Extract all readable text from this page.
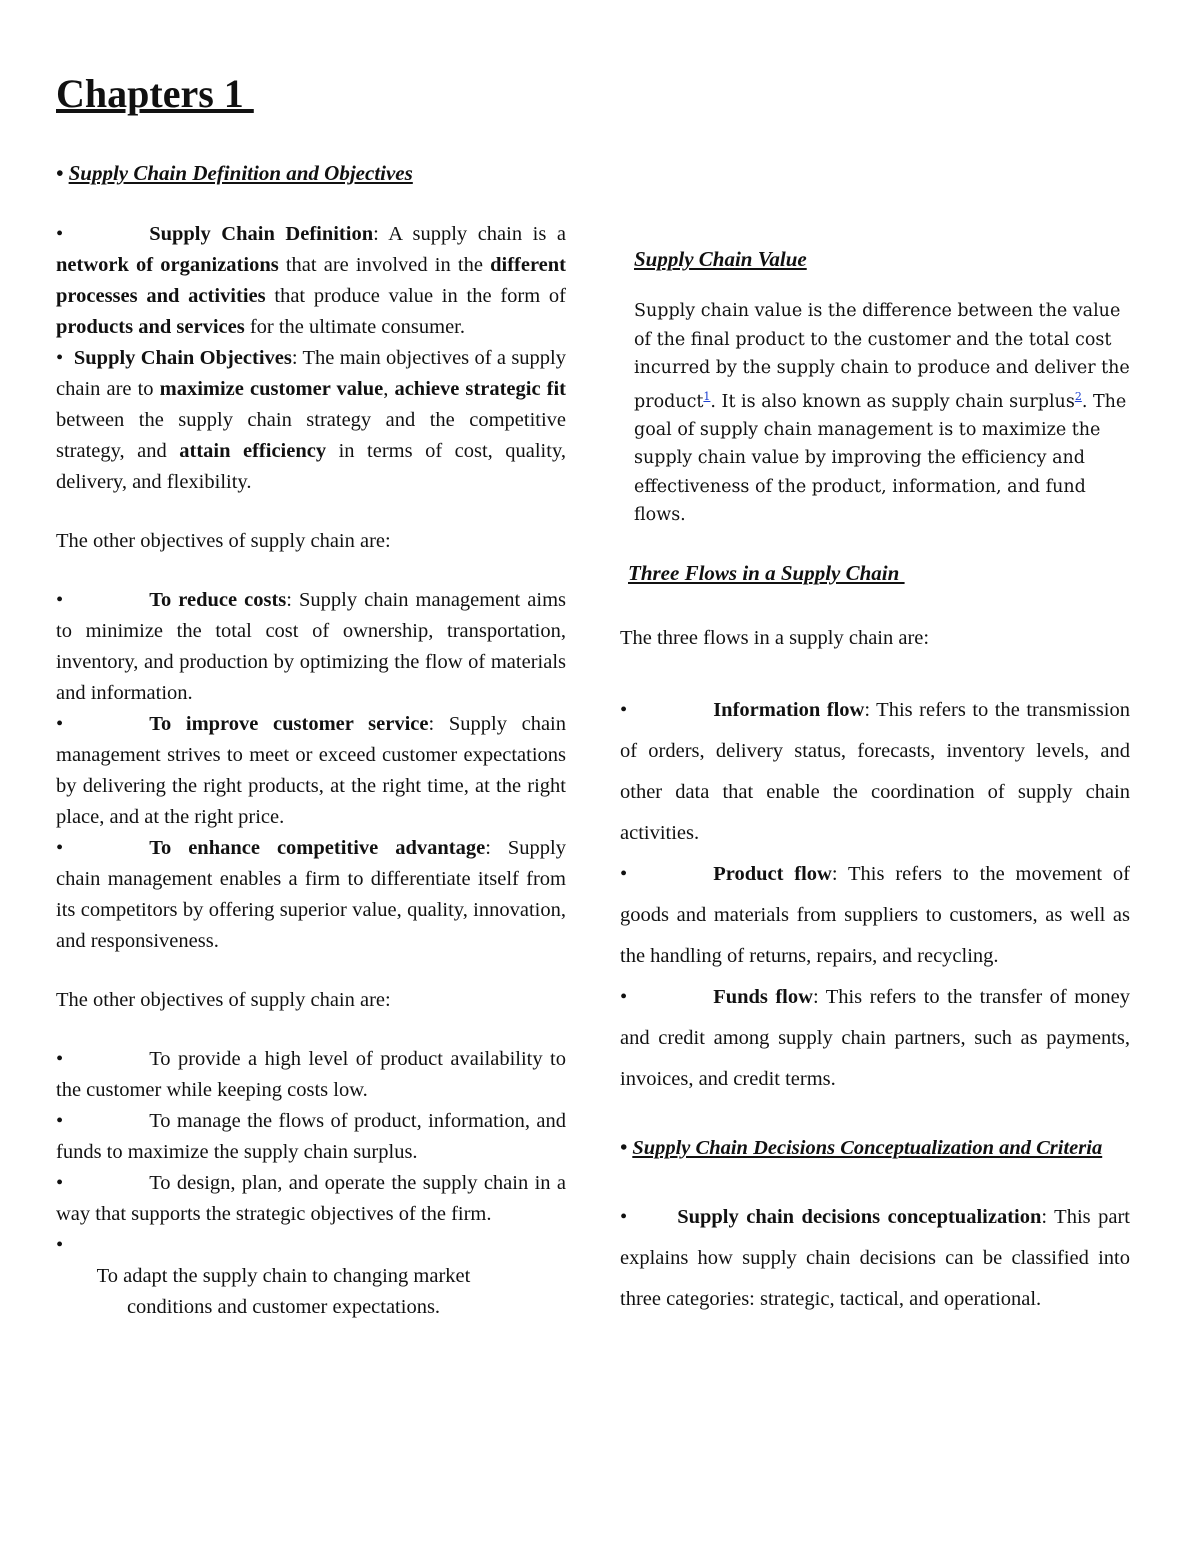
Chapters 1
• Supply Chain Definition and Objectives

•	Supply Chain Definition: A supply chain is a network of organizations that are involved in the different processes and activities that produce value in the form of products and services for the ultimate consumer.

• Supply Chain Objectives: The main objectives of a supply chain are to maximize customer value, achieve strategic fit between the supply chain strategy and the competitive strategy, and attain efficiency in terms of cost, quality, delivery, and flexibility.

The other objectives of supply chain are:

•	To reduce costs: Supply chain management aims to minimize the total cost of ownership, transportation, inventory, and production by optimizing the flow of materials and information.

•	To improve customer service: Supply chain management strives to meet or exceed customer expectations by delivering the right products, at the right time, at the right place, and at the right price.

•	To enhance competitive advantage: Supply chain management enables a firm to differentiate itself from its competitors by offering superior value, quality, innovation, and responsiveness.

The other objectives of supply chain are:

•	To provide a high level of product availability to the customer while keeping costs low.

•	To manage the flows of product, information, and funds to maximize the supply chain surplus.

•	To design, plan, and operate the supply chain in a way that supports the strategic objectives of the firm.

•To adapt the supply chain to changing market conditions and customer expectations.

Supply Chain Value

Supply chain value is the difference between the value of the final product to the customer and the total cost incurred by the supply chain to produce and deliver the product$^1$. It is also known as supply chain surplus$^2$. The goal of supply chain management is to maximize the supply chain value by improving the efficiency and effectiveness of the product, information, and fund flows.

Three Flows in a Supply Chain

The three flows in a supply chain are:

•	Information flow: This refers to the transmission of orders, delivery status, forecasts, inventory levels, and other data that enable the coordination of supply chain activities.

•	Product flow: This refers to the movement of goods and materials from suppliers to customers, as well as the handling of returns, repairs, and recycling.

•	Funds flow: This refers to the transfer of money and credit among supply chain partners, such as payments, invoices, and credit terms.

• Supply Chain Decisions Conceptualization and Criteria

• Supply chain decisions conceptualization: This part explains how supply chain decisions can be classified into three categories: strategic, tactical, and operational.
